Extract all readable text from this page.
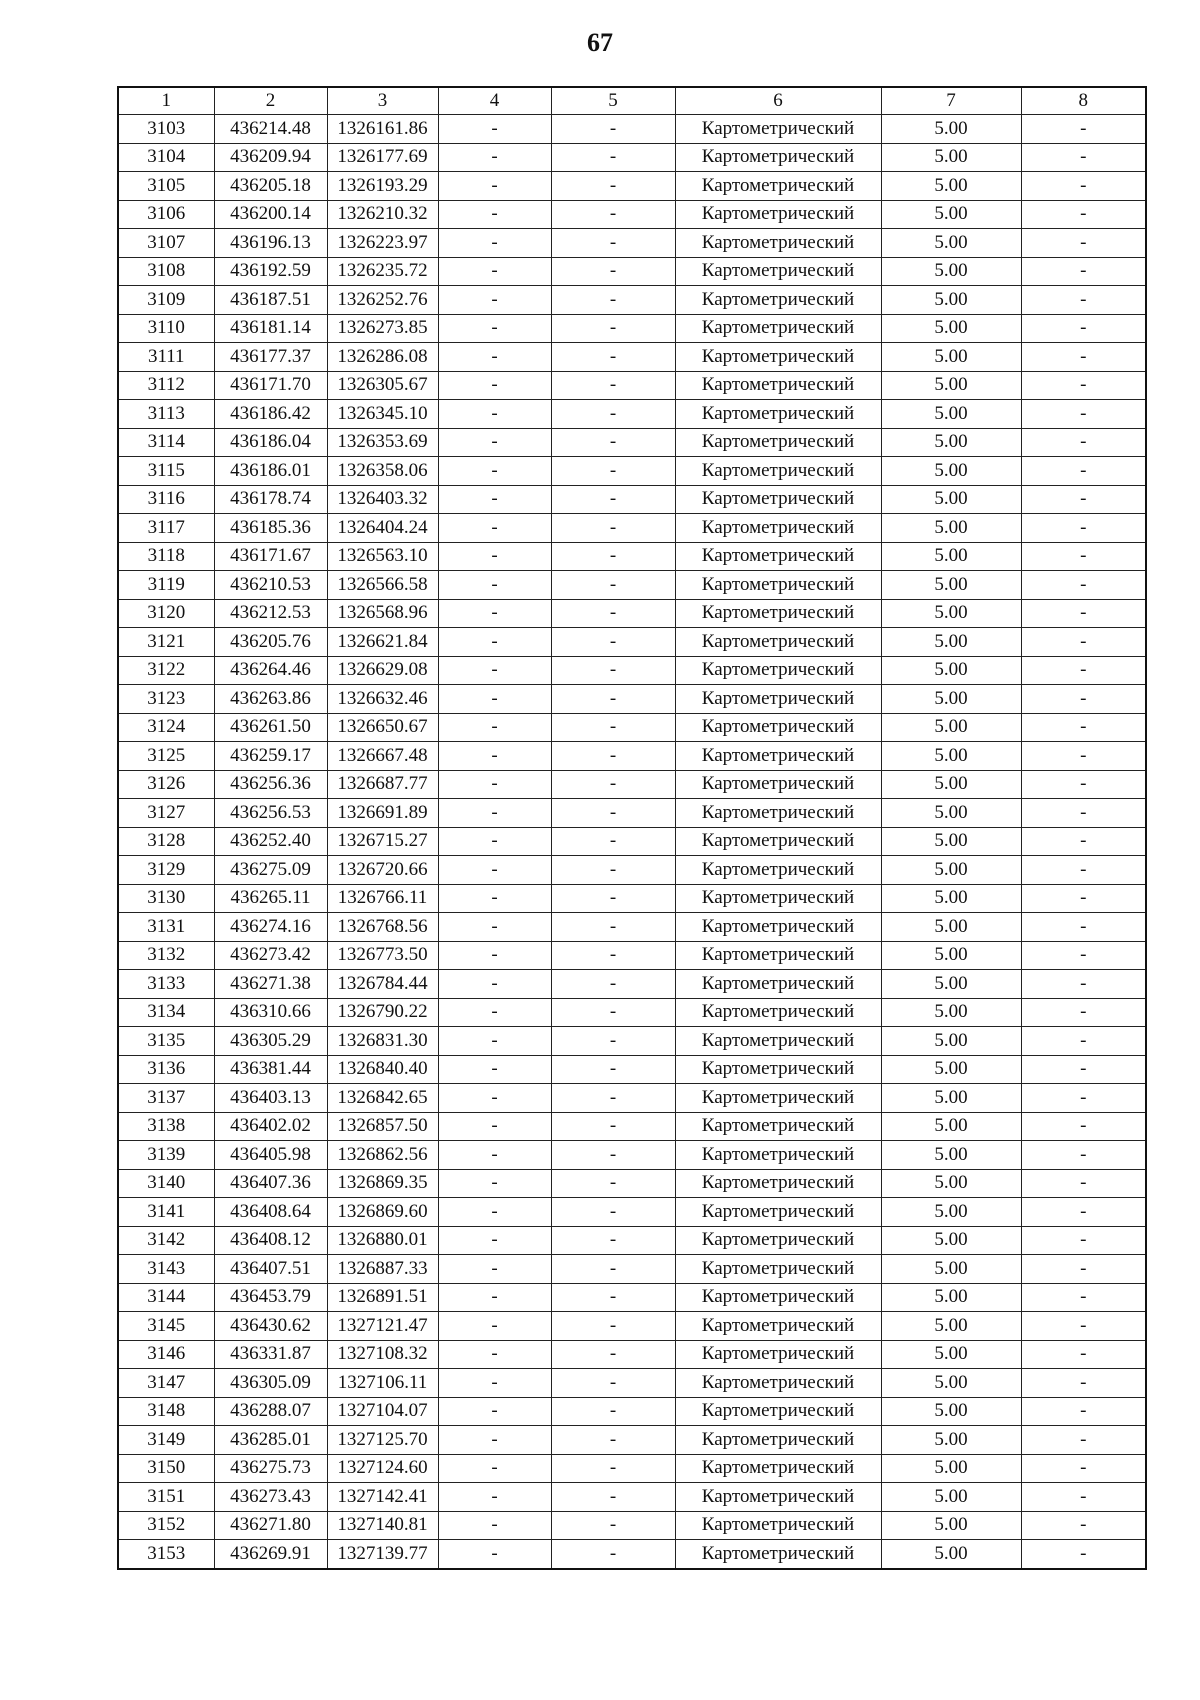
67
1	2	3	4	5	6	7	8
3103	436214.48	1326161.86	-	-	Картометрический	5.00	-
3104	436209.94	1326177.69	-	-	Картометрический	5.00	-
3105	436205.18	1326193.29	-	-	Картометрический	5.00	-
3106	436200.14	1326210.32	-	-	Картометрический	5.00	-
3107	436196.13	1326223.97	-	-	Картометрический	5.00	-
3108	436192.59	1326235.72	-	-	Картометрический	5.00	-
3109	436187.51	1326252.76	-	-	Картометрический	5.00	-
3110	436181.14	1326273.85	-	-	Картометрический	5.00	-
3111	436177.37	1326286.08	-	-	Картометрический	5.00	-
3112	436171.70	1326305.67	-	-	Картометрический	5.00	-
3113	436186.42	1326345.10	-	-	Картометрический	5.00	-
3114	436186.04	1326353.69	-	-	Картометрический	5.00	-
3115	436186.01	1326358.06	-	-	Картометрический	5.00	-
3116	436178.74	1326403.32	-	-	Картометрический	5.00	-
3117	436185.36	1326404.24	-	-	Картометрический	5.00	-
3118	436171.67	1326563.10	-	-	Картометрический	5.00	-
3119	436210.53	1326566.58	-	-	Картометрический	5.00	-
3120	436212.53	1326568.96	-	-	Картометрический	5.00	-
3121	436205.76	1326621.84	-	-	Картометрический	5.00	-
3122	436264.46	1326629.08	-	-	Картометрический	5.00	-
3123	436263.86	1326632.46	-	-	Картометрический	5.00	-
3124	436261.50	1326650.67	-	-	Картометрический	5.00	-
3125	436259.17	1326667.48	-	-	Картометрический	5.00	-
3126	436256.36	1326687.77	-	-	Картометрический	5.00	-
3127	436256.53	1326691.89	-	-	Картометрический	5.00	-
3128	436252.40	1326715.27	-	-	Картометрический	5.00	-
3129	436275.09	1326720.66	-	-	Картометрический	5.00	-
3130	436265.11	1326766.11	-	-	Картометрический	5.00	-
3131	436274.16	1326768.56	-	-	Картометрический	5.00	-
3132	436273.42	1326773.50	-	-	Картометрический	5.00	-
3133	436271.38	1326784.44	-	-	Картометрический	5.00	-
3134	436310.66	1326790.22	-	-	Картометрический	5.00	-
3135	436305.29	1326831.30	-	-	Картометрический	5.00	-
3136	436381.44	1326840.40	-	-	Картометрический	5.00	-
3137	436403.13	1326842.65	-	-	Картометрический	5.00	-
3138	436402.02	1326857.50	-	-	Картометрический	5.00	-
3139	436405.98	1326862.56	-	-	Картометрический	5.00	-
3140	436407.36	1326869.35	-	-	Картометрический	5.00	-
3141	436408.64	1326869.60	-	-	Картометрический	5.00	-
3142	436408.12	1326880.01	-	-	Картометрический	5.00	-
3143	436407.51	1326887.33	-	-	Картометрический	5.00	-
3144	436453.79	1326891.51	-	-	Картометрический	5.00	-
3145	436430.62	1327121.47	-	-	Картометрический	5.00	-
3146	436331.87	1327108.32	-	-	Картометрический	5.00	-
3147	436305.09	1327106.11	-	-	Картометрический	5.00	-
3148	436288.07	1327104.07	-	-	Картометрический	5.00	-
3149	436285.01	1327125.70	-	-	Картометрический	5.00	-
3150	436275.73	1327124.60	-	-	Картометрический	5.00	-
3151	436273.43	1327142.41	-	-	Картометрический	5.00	-
3152	436271.80	1327140.81	-	-	Картометрический	5.00	-
3153	436269.91	1327139.77	-	-	Картометрический	5.00	-
